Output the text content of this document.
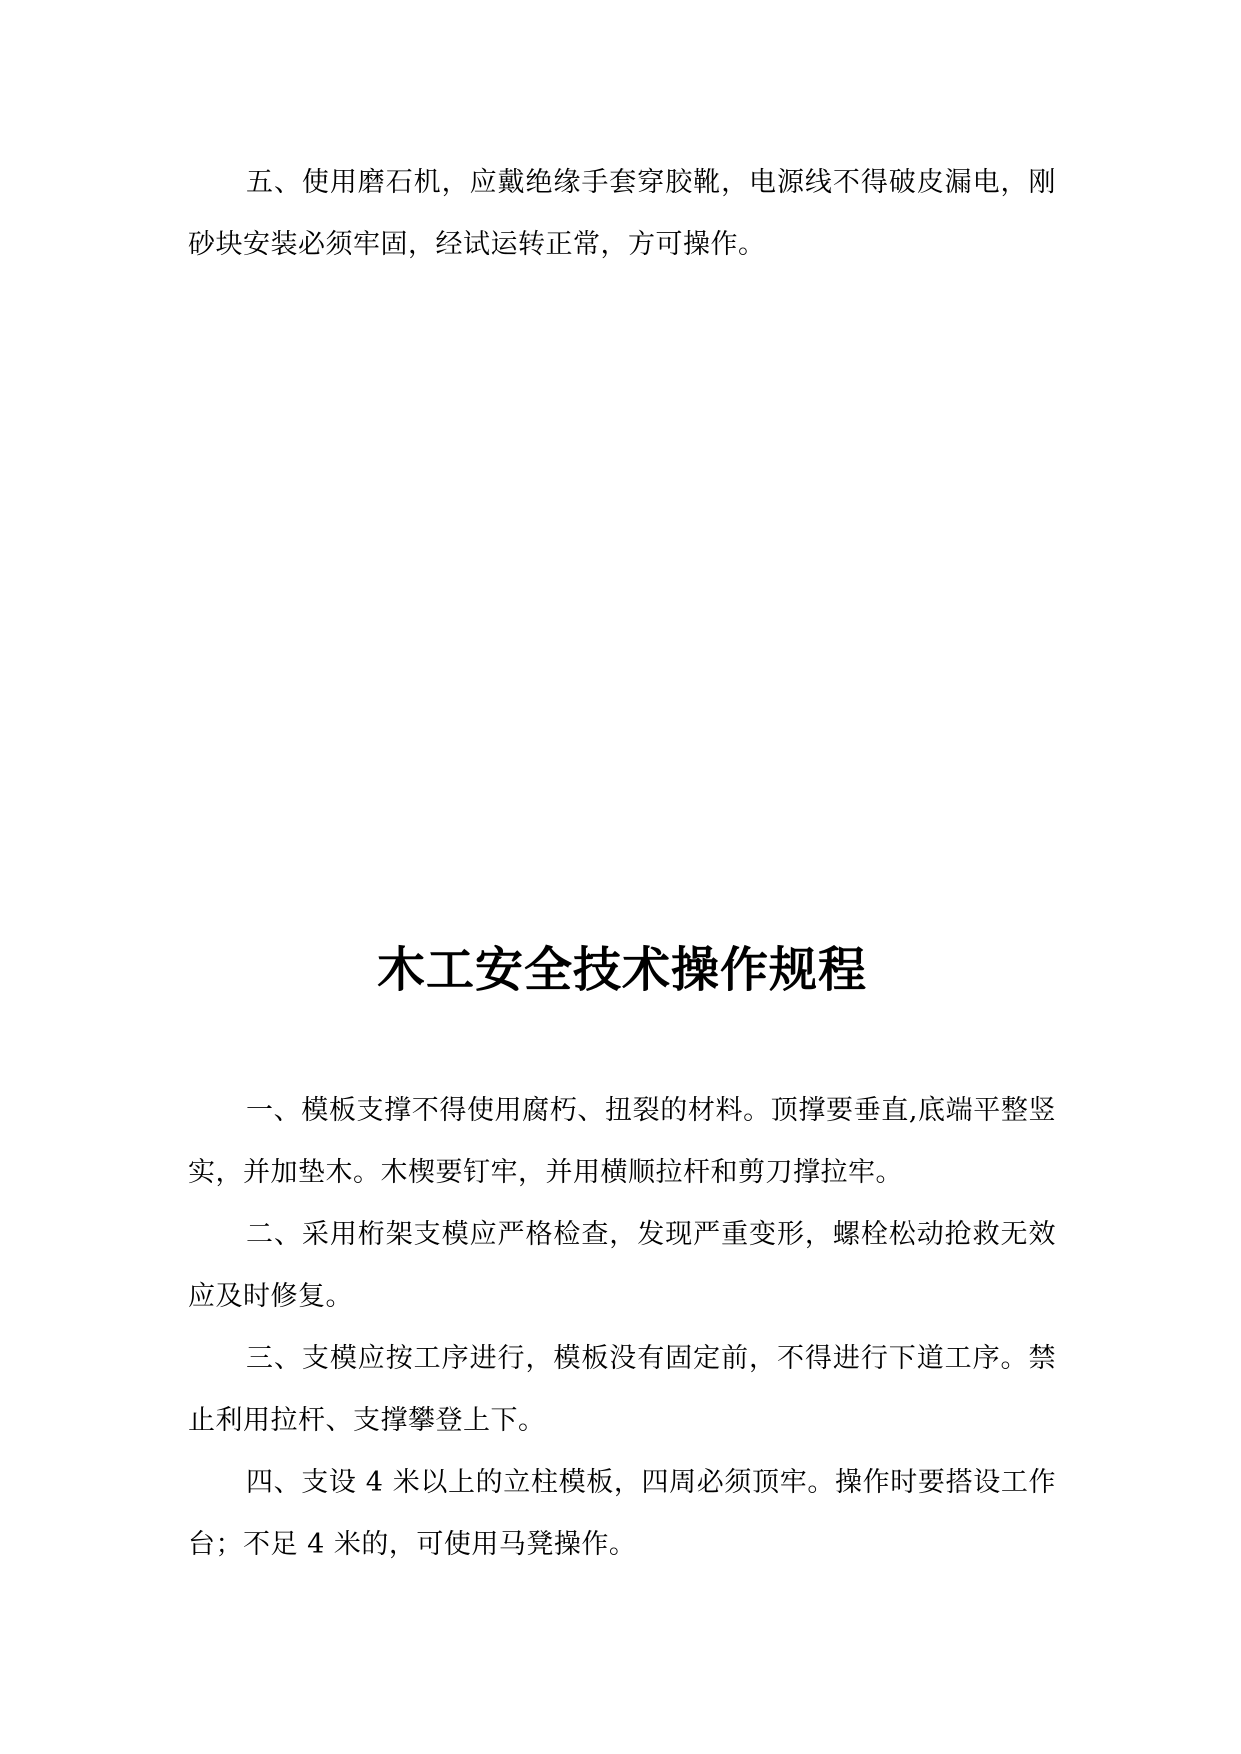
五、使用磨石机，应戴绝缘手套穿胶靴，电源线不得破皮漏电，刚砂块安装必须牢固，经试运转正常，方可操作。

木工安全技术操作规程

一、模板支撑不得使用腐朽、扭裂的材料。顶撑要垂直,底端平整竖实，并加垫木。木楔要钉牢，并用横顺拉杆和剪刀撑拉牢。

二、采用桁架支模应严格检查，发现严重变形，螺栓松动抢救无效应及时修复。

三、支模应按工序进行，模板没有固定前，不得进行下道工序。禁止利用拉杆、支撑攀登上下。

四、支设 4 米以上的立柱模板，四周必须顶牢。操作时要搭设工作台；不足 4 米的，可使用马凳操作。
